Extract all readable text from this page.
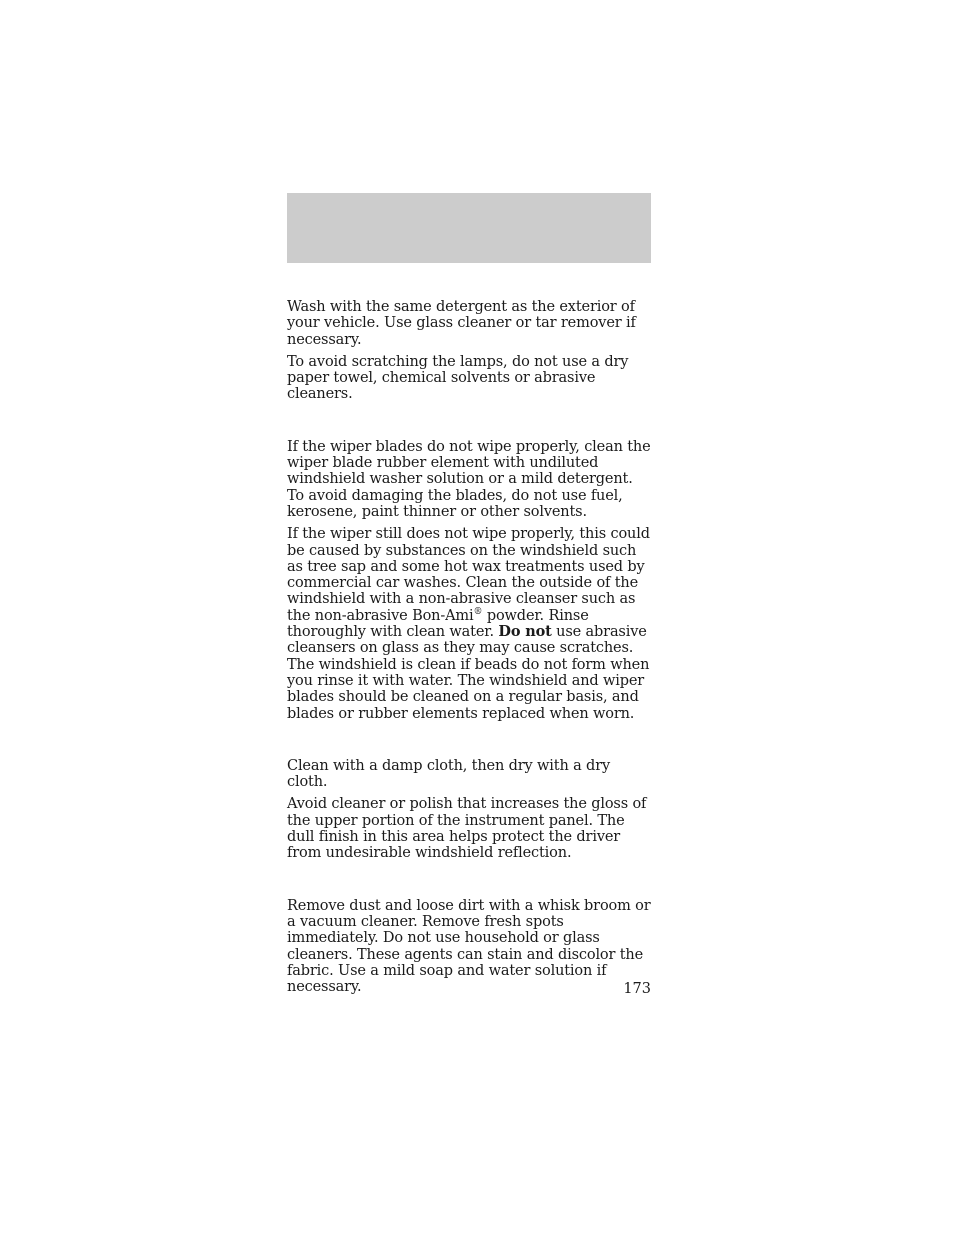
Wash with the same detergent as the exterior of your vehicle. Use glass cleaner or tar remover if necessary.

To avoid scratching the lamps, do not use a dry paper towel, chemical solvents or abrasive cleaners.

If the wiper blades do not wipe properly, clean the wiper blade rubber element with undiluted windshield washer solution or a mild detergent. To avoid damaging the blades, do not use fuel, kerosene, paint thinner or other solvents.

If the wiper still does not wipe properly, this could be caused by substances on the windshield such as tree sap and some hot wax treatments used by commercial car washes. Clean the outside of the windshield with a non-abrasive cleanser such as the non-abrasive Bon-Ami® powder. Rinse thoroughly with clean water. Do not use abrasive cleansers on glass as they may cause scratches. The windshield is clean if beads do not form when you rinse it with water. The windshield and wiper blades should be cleaned on a regular basis, and blades or rubber elements replaced when worn.

Clean with a damp cloth, then dry with a dry cloth.

Avoid cleaner or polish that increases the gloss of the upper portion of the instrument panel. The dull finish in this area helps protect the driver from undesirable windshield reflection.

Remove dust and loose dirt with a whisk broom or a vacuum cleaner. Remove fresh spots immediately. Do not use household or glass cleaners. These agents can stain and discolor the fabric. Use a mild soap and water solution if necessary.	173
